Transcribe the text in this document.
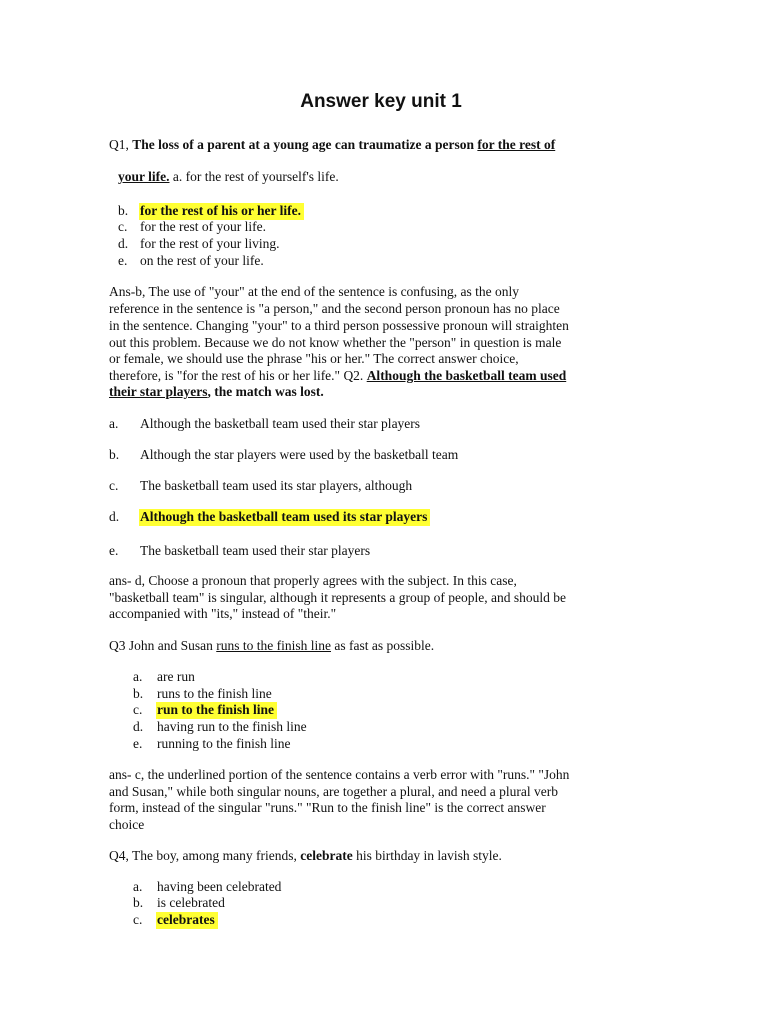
Answer key unit 1
Q1, The loss of a parent at a young age can traumatize a person for the rest of
your life. a. for the rest of yourself's life.
b. for the rest of his or her life.
c. for the rest of your life.
d. for the rest of your living.
e. on the rest of your life.
Ans-b, The use of "your" at the end of the sentence is confusing, as the only
reference in the sentence is "a person," and the second person pronoun has no place
in the sentence. Changing "your" to a third person possessive pronoun will straighten
out this problem. Because we do not know whether the "person" in question is male
or female, we should use the phrase "his or her." The correct answer choice,
therefore, is "for the rest of his or her life." Q2. Although the basketball team used
their star players, the match was lost.
a. Although the basketball team used their star players
b. Although the star players were used by the basketball team
c. The basketball team used its star players, although
d. Although the basketball team used its star players
e. The basketball team used their star players
ans- d, Choose a pronoun that properly agrees with the subject. In this case,
"basketball team" is singular, although it represents a group of people, and should be
accompanied with "its," instead of "their."
Q3 John and Susan runs to the finish line as fast as possible.
a. are run
b. runs to the finish line
c. run to the finish line
d. having run to the finish line
e. running to the finish line
ans- c, the underlined portion of the sentence contains a verb error with "runs." "John
and Susan," while both singular nouns, are together a plural, and need a plural verb
form, instead of the singular "runs." "Run to the finish line" is the correct answer
choice
Q4, The boy, among many friends, celebrate his birthday in lavish style.
a. having been celebrated
b. is celebrated
c. celebrates
